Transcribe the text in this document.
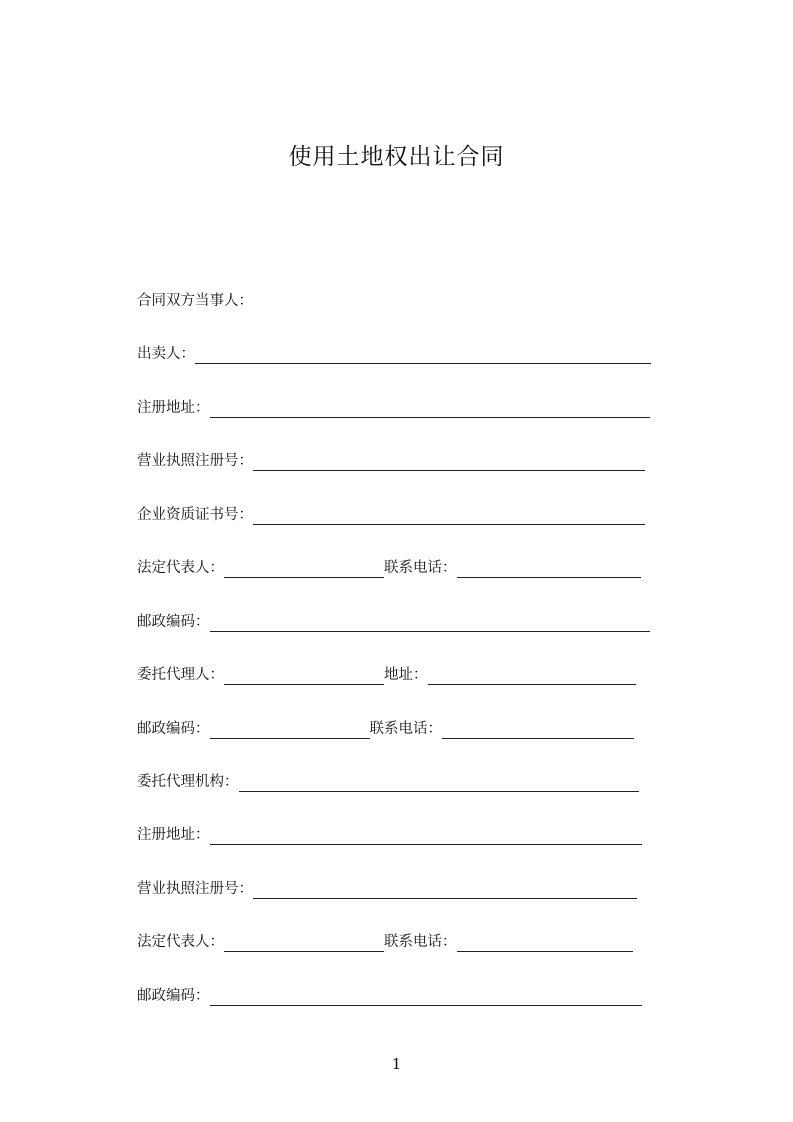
使用土地权出让合同
合同双方当事人：
出卖人：
注册地址：
营业执照注册号：
企业资质证书号：
法定代表人：	联系电话：
邮政编码：
委托代理人：	地址：
邮政编码：	联系电话：
委托代理机构：
注册地址：
营业执照注册号：
法定代表人：	联系电话：
邮政编码：
1
